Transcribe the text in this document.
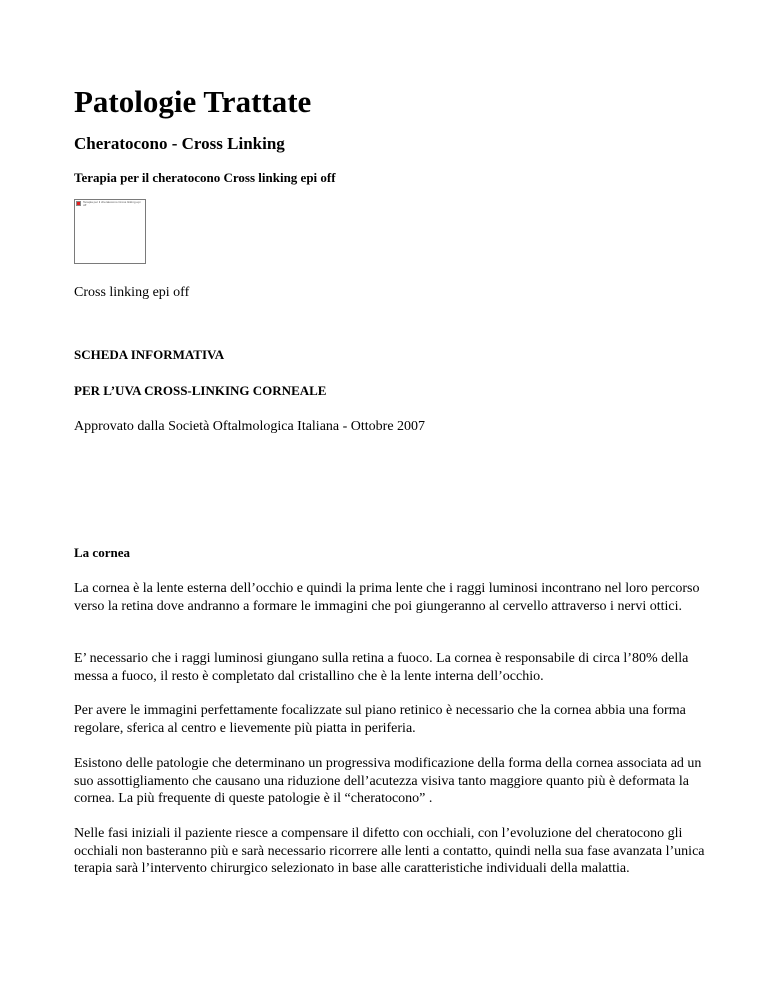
Patologie Trattate
Cheratocono - Cross Linking
Terapia per il cheratocono Cross linking epi off
Terapia per il cheratocono Cross linking epi off

Cross linking epi off

SCHEDA INFORMATIVA

PER L’UVA CROSS-LINKING CORNEALE

Approvato dalla Società Oftalmologica Italiana - Ottobre 2007

La cornea

La cornea è la lente esterna dell’occhio e quindi la prima lente che i raggi luminosi incontrano nel loro percorso verso la retina dove andranno a formare le immagini che poi giungeranno al cervello attraverso i nervi ottici.

E’ necessario che i raggi luminosi giungano sulla retina a fuoco. La cornea è responsabile di circa l’80% della messa a fuoco, il resto è completato dal cristallino che è la lente interna dell’occhio.

Per avere le immagini perfettamente focalizzate sul piano retinico è necessario che la cornea abbia una forma regolare, sferica al centro e lievemente più piatta in periferia.

Esistono delle patologie che determinano un progressiva modificazione della forma della cornea associata ad un suo assottigliamento che causano una riduzione dell’acutezza visiva tanto maggiore quanto più è deformata la cornea. La più frequente di queste patologie è il “cheratocono” .

Nelle fasi iniziali il paziente riesce a compensare il difetto con occhiali, con l’evoluzione del cheratocono gli occhiali non basteranno più e sarà necessario ricorrere alle lenti a contatto, quindi nella sua fase avanzata l’unica terapia sarà l’intervento chirurgico selezionato in base alle caratteristiche individuali della malattia.
